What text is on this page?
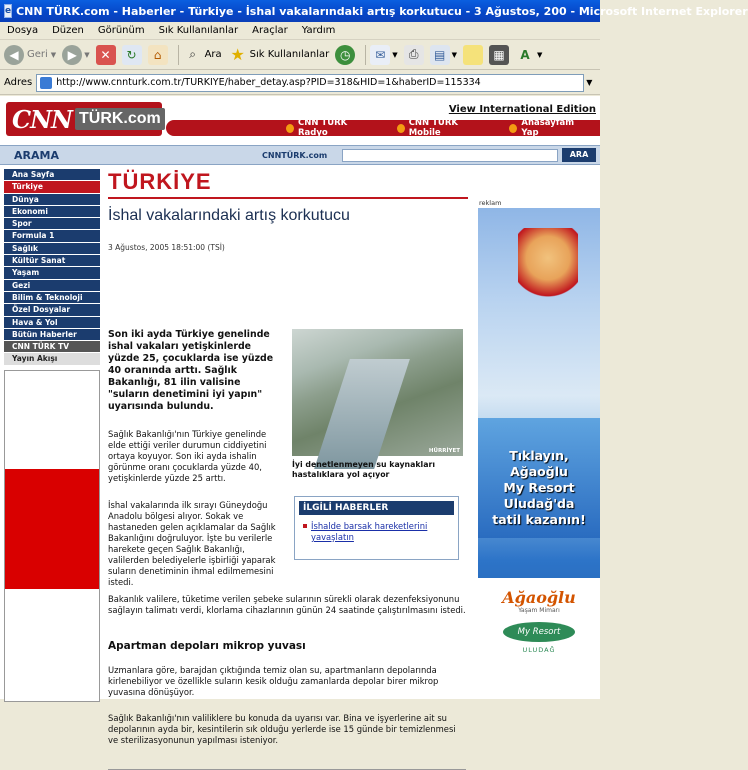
e CNN TÜRK.com - Haberler - Türkiye - İshal vakalarındaki artış korkutucu - 3 Ağustos, 200 - Microsoft Internet Explorer
Dosya	Düzen	Görünüm	Sık Kullanılanlar	Araçlar	Yardım
◀ Geri ▼ ▶	▼ ✕	↻	⌂	⌕ Ara ★ Sık Kullanılanlar ◷	✉ ▼ ⎙	▤ ▼	▦	A	▼
Adres	http://www.cnnturk.com.tr/TURKIYE/haber_detay.asp?PID=318&HID=1&haberID=115334	▼
CNN TÜRK.com
View International Edition
CNN TÜRK Radyo
CNN TÜRK Mobile
Anasayfam Yap
ARAMA	CNNTÜRK.com	ARA
Ana Sayfa
Türkiye
Dünya
Ekonomi
Spor
Formula 1
Sağlık
Kültür Sanat
Yaşam
Gezi
Bilim & Teknoloji
Özel Dosyalar
Hava & Yol
Bütün Haberler
CNN TÜRK TV
Yayın Akışı
TÜRKİYE
İshal vakalarındaki artış korkutucu
3 Ağustos, 2005 18:51:00 (TSİ)
Son iki ayda Türkiye genelinde ishal vakaları yetişkinlerde yüzde 25, çocuklarda ise yüzde 40 oranında arttı. Sağlık Bakanlığı, 81 ilin valisine "suların denetimini iyi yapın" uyarısında bulundu.
HÜRRİYET
İyi denetlenmeyen su kaynakları hastalıklara yol açıyor
Sağlık Bakanlığı'nın Türkiye genelinde elde ettiği veriler durumun ciddiyetini ortaya koyuyor. Son iki ayda ishalin görünme oranı çocuklarda yüzde 40, yetişkinlerde yüzde 25 arttı.
İshal vakalarında ilk sırayı Güneydoğu Anadolu bölgesi alıyor. Sokak ve hastaneden gelen açıklamalar da Sağlık Bakanlığını doğruluyor. İşte bu verilerle harekete geçen Sağlık Bakanlığı, valilerden belediyelerle işbirliği yaparak suların denetiminin ihmal edilmemesini istedi.
İLGİLİ HABERLER
İshalde barsak hareketlerini yavaşlatın
Bakanlık valilere, tüketime verilen şebeke sularının sürekli olarak dezenfeksiyonunu sağlayın talimatı verdi, klorlama cihazlarının günün 24 saatinde çalıştırılmasını istedi.
Apartman depoları mikrop yuvası
Uzmanlara göre, barajdan çıktığında temiz olan su, apartmanların depolarında kirlenebiliyor ve özellikle suların kesik olduğu zamanlarda depolar birer mikrop yuvasına dönüşüyor.
Sağlık Bakanlığı'nın valiliklere bu konuda da uyarısı var. Bina ve işyerlerine ait su depolarının ayda bir, kesintilerin sık olduğu yerlerde ise 15 günde bir temizlenmesi ve sterilizasyonunun yapılması isteniyor.
reklam
Tıklayın,
Ağaoğlu
My Resort
Uludağ'da
tatil kazanın!
Ağaoğlu
Yaşam Mimarı
My Resort
ULUDAĞ
